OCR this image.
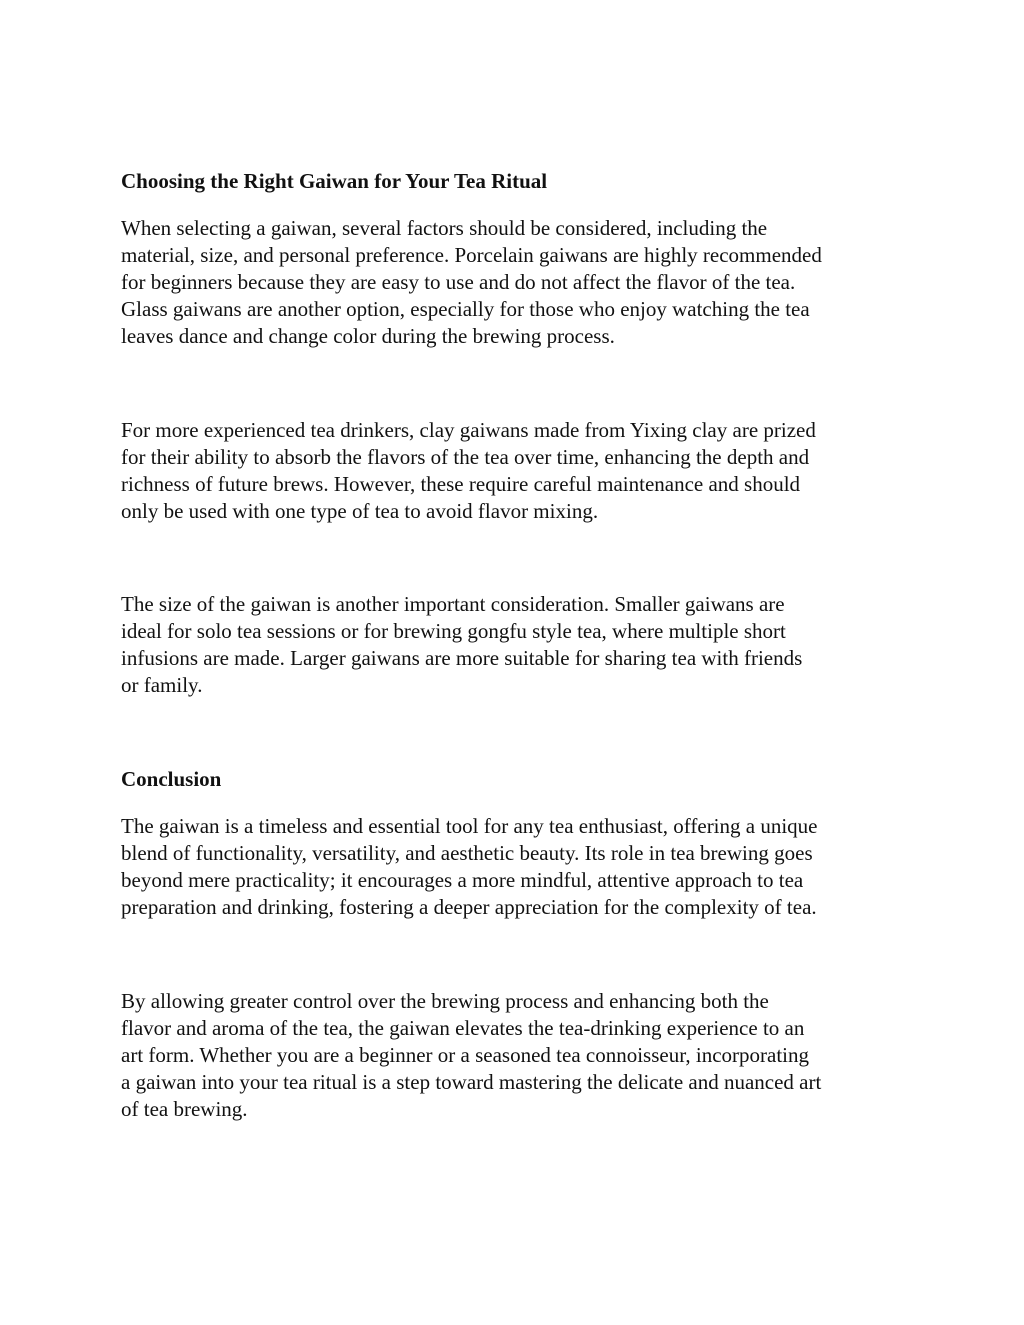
Choosing the Right Gaiwan for Your Tea Ritual

When selecting a gaiwan, several factors should be considered, including the
material, size, and personal preference. Porcelain gaiwans are highly recommended
for beginners because they are easy to use and do not affect the flavor of the tea.
Glass gaiwans are another option, especially for those who enjoy watching the tea
leaves dance and change color during the brewing process.

For more experienced tea drinkers, clay gaiwans made from Yixing clay are prized
for their ability to absorb the flavors of the tea over time, enhancing the depth and
richness of future brews. However, these require careful maintenance and should
only be used with one type of tea to avoid flavor mixing.

The size of the gaiwan is another important consideration. Smaller gaiwans are
ideal for solo tea sessions or for brewing gongfu style tea, where multiple short
infusions are made. Larger gaiwans are more suitable for sharing tea with friends
or family.

Conclusion

The gaiwan is a timeless and essential tool for any tea enthusiast, offering a unique
blend of functionality, versatility, and aesthetic beauty. Its role in tea brewing goes
beyond mere practicality; it encourages a more mindful, attentive approach to tea
preparation and drinking, fostering a deeper appreciation for the complexity of tea.

By allowing greater control over the brewing process and enhancing both the
flavor and aroma of the tea, the gaiwan elevates the tea-drinking experience to an
art form. Whether you are a beginner or a seasoned tea connoisseur, incorporating
a gaiwan into your tea ritual is a step toward mastering the delicate and nuanced art
of tea brewing.
